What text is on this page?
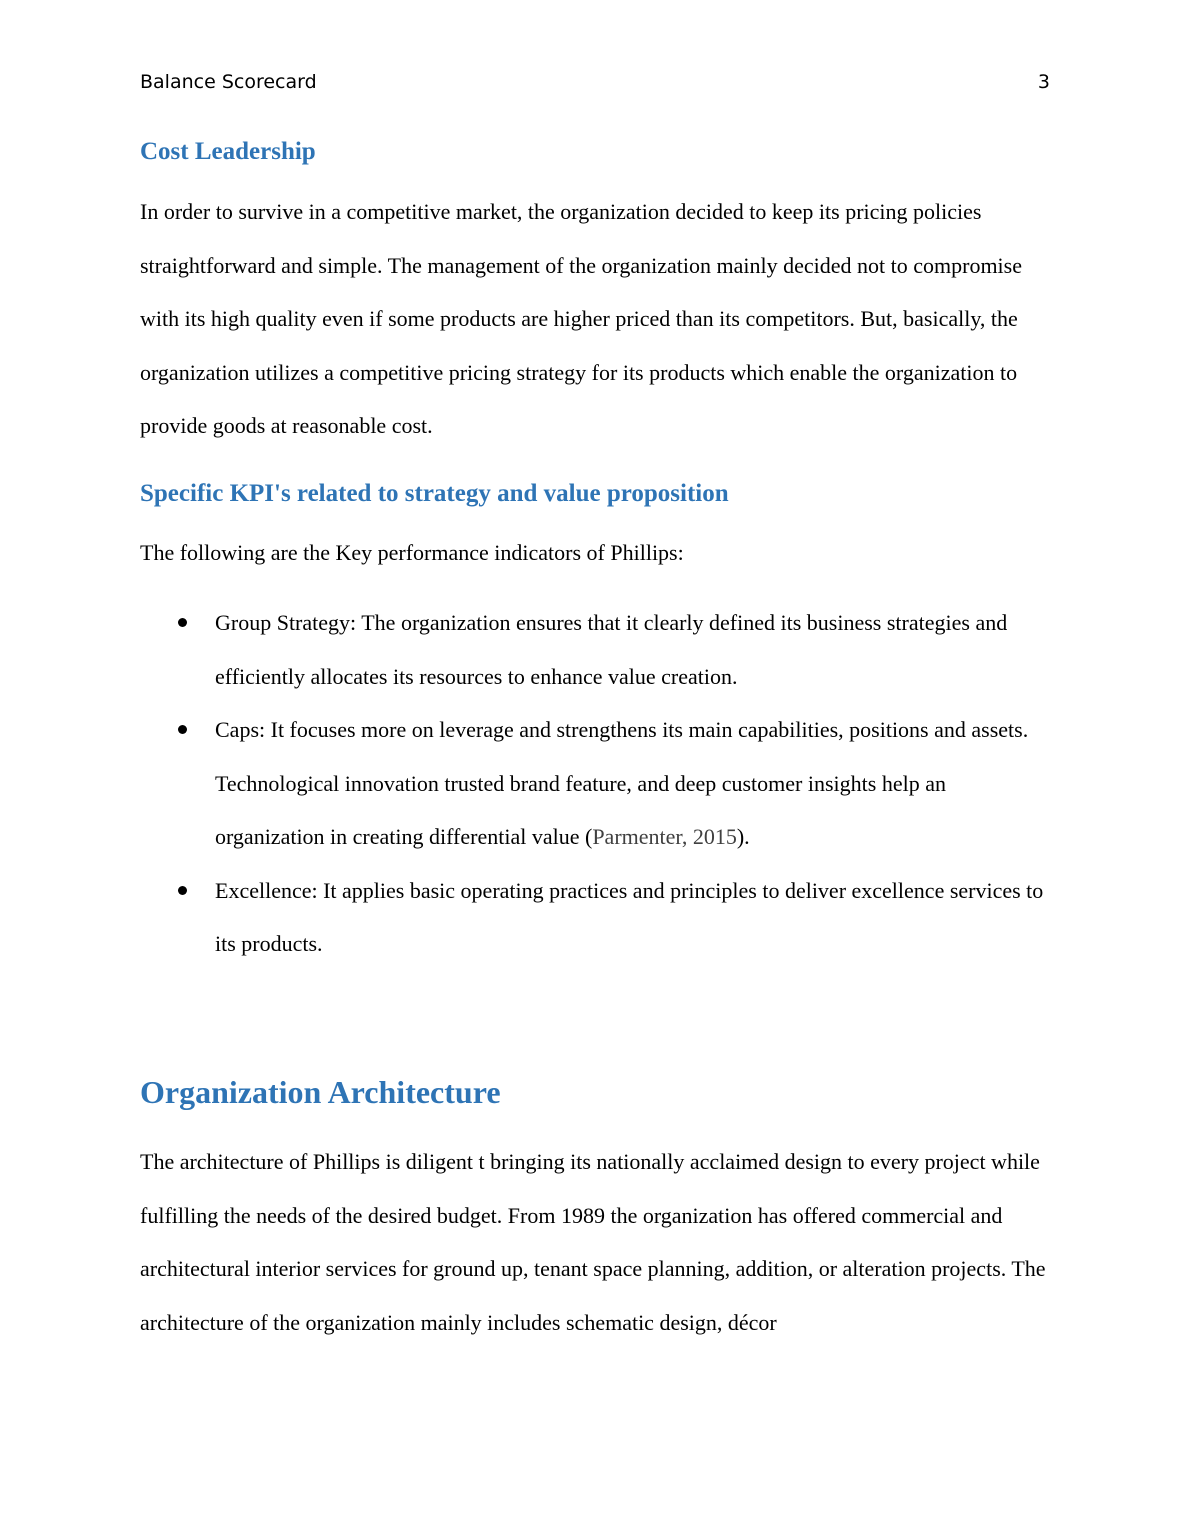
Balance Scorecard	3
Cost Leadership

In order to survive in a competitive market, the organization decided to keep its pricing policies straightforward and simple. The management of the organization mainly decided not to compromise with its high quality even if some products are higher priced than its competitors. But, basically, the organization utilizes a competitive pricing strategy for its products which enable the organization to provide goods at reasonable cost.

Specific KPI's related to strategy and value proposition

The following are the Key performance indicators of Phillips:

Group Strategy: The organization ensures that it clearly defined its business strategies and efficiently allocates its resources to enhance value creation.
Caps: It focuses more on leverage and strengthens its main capabilities, positions and assets. Technological innovation trusted brand feature, and deep customer insights help an organization in creating differential value (Parmenter, 2015).
Excellence: It applies basic operating practices and principles to deliver excellence services to its products.
Organization Architecture

The architecture of Phillips is diligent t bringing its nationally acclaimed design to every project while fulfilling the needs of the desired budget. From 1989 the organization has offered commercial and architectural interior services for ground up, tenant space planning, addition, or alteration projects. The architecture of the organization mainly includes schematic design, décor
